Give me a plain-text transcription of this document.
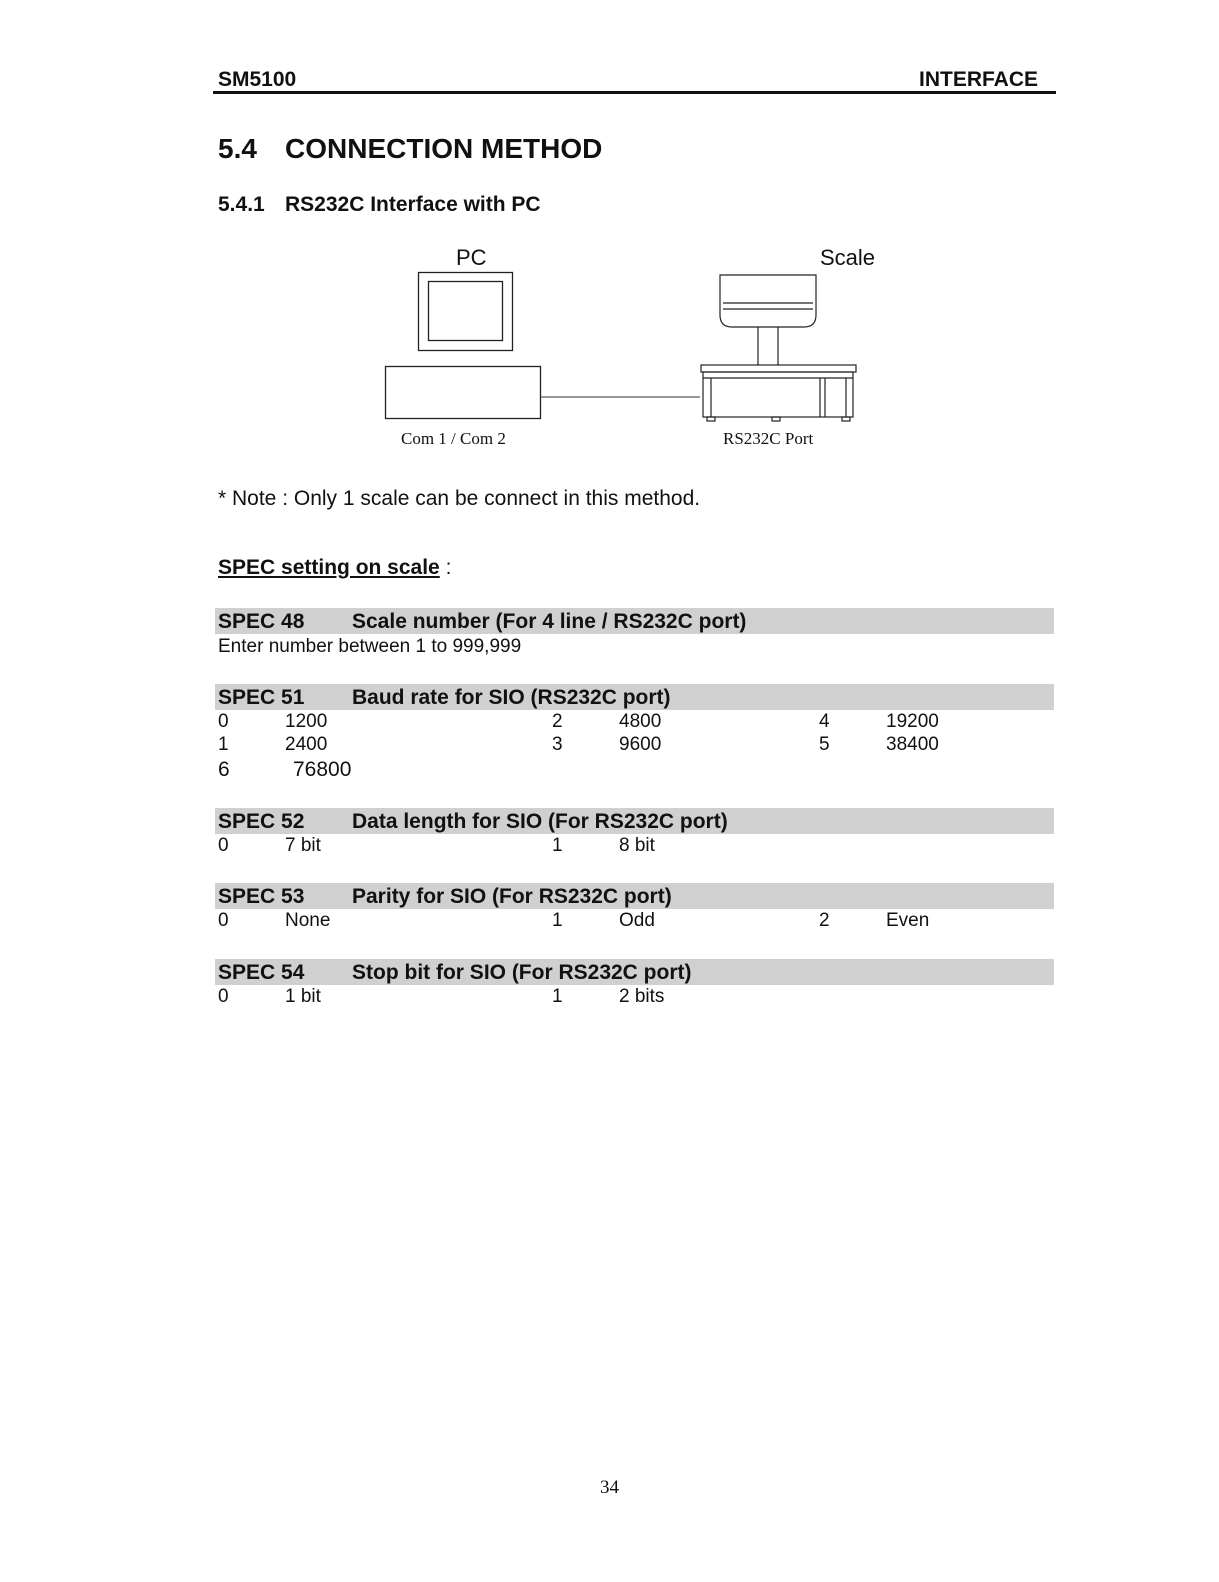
SM5100	INTERFACE
5.4 CONNECTION METHOD
5.4.1 RS232C Interface with PC
PC	Scale
Com 1 / Com 2	RS232C Port
* Note : Only 1 scale can be connect in this method.
SPEC setting on scale :
SPEC 48 Scale number (For 4 line / RS232C port)
Enter number between 1 to 999,999
SPEC 51 Baud rate for SIO (RS232C port)
0	1200	2	4800	4	19200
1	2400	3	9600	5	38400
6	76800
SPEC 52 Data length for SIO (For RS232C port)
0	7 bit	1	8 bit
SPEC 53 Parity for SIO (For RS232C port)
0	None	1	Odd	2	Even
SPEC 54 Stop bit for SIO (For RS232C port)
0	1 bit	1	2 bits
34
